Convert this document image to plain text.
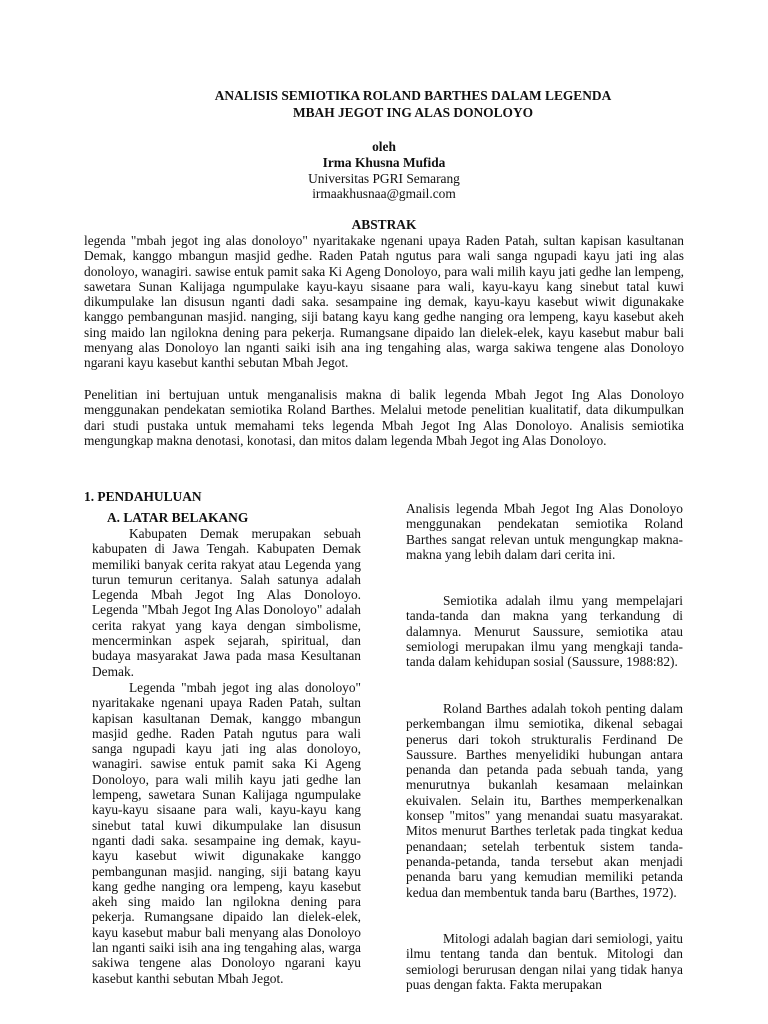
ANALISIS SEMIOTIKA ROLAND BARTHES DALAM LEGENDA
MBAH JEGOT ING ALAS DONOLOYO
oleh
Irma Khusna Mufida
Universitas PGRI Semarang
irmaakhusnaa@gmail.com
ABSTRAK

legenda "mbah jegot ing alas donoloyo" nyaritakake ngenani upaya Raden Patah, sultan kapisan kasultanan Demak, kanggo mbangun masjid gedhe. Raden Patah ngutus para wali sanga ngupadi kayu jati ing alas donoloyo, wanagiri. sawise entuk pamit saka Ki Ageng Donoloyo, para wali milih kayu jati gedhe lan lempeng, sawetara Sunan Kalijaga ngumpulake kayu-kayu sisaane para wali, kayu-kayu kang sinebut tatal kuwi dikumpulake lan disusun nganti dadi saka. sesampaine ing demak, kayu-kayu kasebut wiwit digunakake kanggo pembangunan masjid. nanging, siji batang kayu kang gedhe nanging ora lempeng, kayu kasebut akeh sing maido lan ngilokna dening para pekerja. Rumangsane dipaido lan dielek-elek, kayu kasebut mabur bali menyang alas Donoloyo lan nganti saiki isih ana ing tengahing alas, warga sakiwa tengene alas Donoloyo ngarani kayu kasebut kanthi sebutan Mbah Jegot.

Penelitian ini bertujuan untuk menganalisis makna di balik legenda Mbah Jegot Ing Alas Donoloyo menggunakan pendekatan semiotika Roland Barthes. Melalui metode penelitian kualitatif, data dikumpulkan dari studi pustaka untuk memahami teks legenda Mbah Jegot Ing Alas Donoloyo. Analisis semiotika mengungkap makna denotasi, konotasi, dan mitos dalam legenda Mbah Jegot ing Alas Donoloyo.

1. PENDAHULUAN
A. LATAR BELAKANG

Kabupaten Demak merupakan sebuah kabupaten di Jawa Tengah. Kabupaten Demak memiliki banyak cerita rakyat atau Legenda yang turun temurun ceritanya. Salah satunya adalah Legenda Mbah Jegot Ing Alas Donoloyo. Legenda "Mbah Jegot Ing Alas Donoloyo" adalah cerita rakyat yang kaya dengan simbolisme, mencerminkan aspek sejarah, spiritual, dan budaya masyarakat Jawa pada masa Kesultanan Demak.

Legenda "mbah jegot ing alas donoloyo" nyaritakake ngenani upaya Raden Patah, sultan kapisan kasultanan Demak, kanggo mbangun masjid gedhe. Raden Patah ngutus para wali sanga ngupadi kayu jati ing alas donoloyo, wanagiri. sawise entuk pamit saka Ki Ageng Donoloyo, para wali milih kayu jati gedhe lan lempeng, sawetara Sunan Kalijaga ngumpulake kayu-kayu sisaane para wali, kayu-kayu kang sinebut tatal kuwi dikumpulake lan disusun nganti dadi saka. sesampaine ing demak, kayu-kayu kasebut wiwit digunakake kanggo pembangunan masjid. nanging, siji batang kayu kang gedhe nanging ora lempeng, kayu kasebut akeh sing maido lan ngilokna dening para pekerja. Rumangsane dipaido lan dielek-elek, kayu kasebut mabur bali menyang alas Donoloyo lan nganti saiki isih ana ing tengahing alas, warga sakiwa tengene alas Donoloyo ngarani kayu kasebut kanthi sebutan Mbah Jegot.

Analisis legenda Mbah Jegot Ing Alas Donoloyo menggunakan pendekatan semiotika Roland Barthes sangat relevan untuk mengungkap makna-makna yang lebih dalam dari cerita ini.

Semiotika adalah ilmu yang mempelajari tanda-tanda dan makna yang terkandung di dalamnya. Menurut Saussure, semiotika atau semiologi merupakan ilmu yang mengkaji tanda-tanda dalam kehidupan sosial (Saussure, 1988:82).

Roland Barthes adalah tokoh penting dalam perkembangan ilmu semiotika, dikenal sebagai penerus dari tokoh strukturalis Ferdinand De Saussure. Barthes menyelidiki hubungan antara penanda dan petanda pada sebuah tanda, yang menurutnya bukanlah kesamaan melainkan ekuivalen. Selain itu, Barthes memperkenalkan konsep "mitos" yang menandai suatu masyarakat. Mitos menurut Barthes terletak pada tingkat kedua penandaan; setelah terbentuk sistem tanda-penanda-petanda, tanda tersebut akan menjadi penanda baru yang kemudian memiliki petanda kedua dan membentuk tanda baru (Barthes, 1972).

Mitologi adalah bagian dari semiologi, yaitu ilmu tentang tanda dan bentuk. Mitologi dan semiologi berurusan dengan nilai yang tidak hanya puas dengan fakta. Fakta merupakan
